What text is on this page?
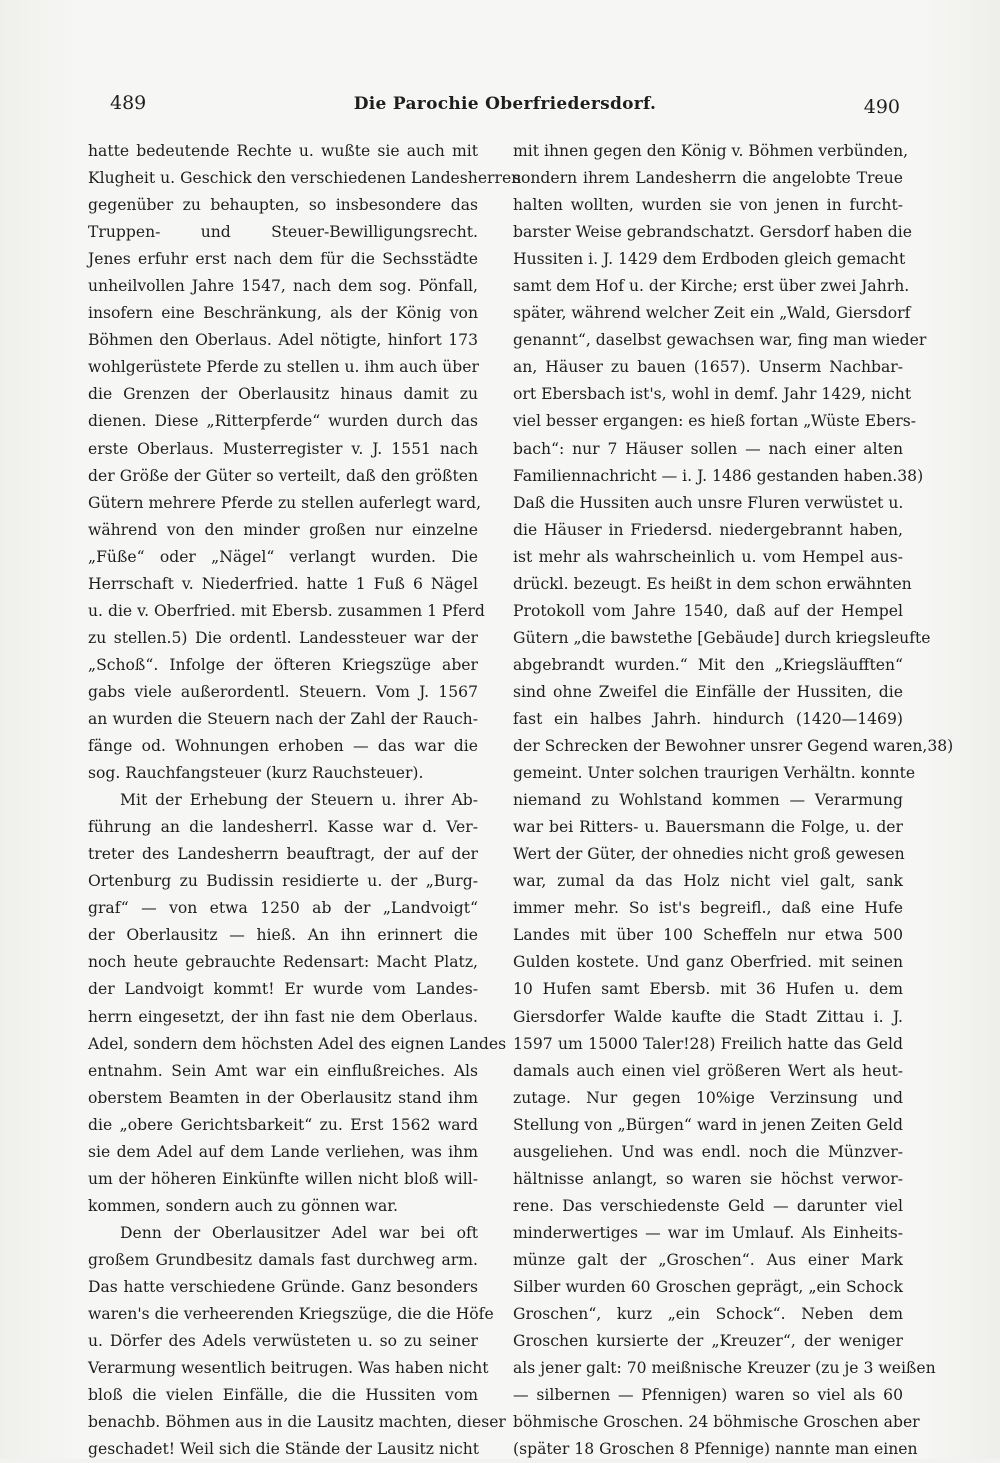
489	Die Parochie Oberfriedersdorf.	490
hatte bedeutende Rechte u. wußte sie auch mit
Klugheit u. Geschick den verschiedenen Landesherren
gegenüber zu behaupten, so insbesondere das
Truppen- und Steuer-Bewilligungsrecht.
Jenes erfuhr erst nach dem für die Sechsstädte
unheilvollen Jahre 1547, nach dem sog. Pönfall,
insofern eine Beschränkung, als der König von
Böhmen den Oberlaus. Adel nötigte, hinfort 173
wohlgerüstete Pferde zu stellen u. ihm auch über
die Grenzen der Oberlausitz hinaus damit zu
dienen. Diese „Ritterpferde“ wurden durch das
erste Oberlaus. Musterregister v. J. 1551 nach
der Größe der Güter so verteilt, daß den größten
Gütern mehrere Pferde zu stellen auferlegt ward,
während von den minder großen nur einzelne
„Füße“ oder „Nägel“ verlangt wurden. Die
Herrschaft v. Niederfried. hatte 1 Fuß 6 Nägel
u. die v. Oberfried. mit Ebersb. zusammen 1 Pferd
zu stellen.5) Die ordentl. Landessteuer war der
„Schoß“. Infolge der öfteren Kriegszüge aber
gabs viele außerordentl. Steuern. Vom J. 1567
an wurden die Steuern nach der Zahl der Rauch-
fänge od. Wohnungen erhoben — das war die
sog. Rauchfangsteuer (kurz Rauchsteuer).
Mit der Erhebung der Steuern u. ihrer Ab-
führung an die landesherrl. Kasse war d. Ver-
treter des Landesherrn beauftragt, der auf der
Ortenburg zu Budissin residierte u. der „Burg-
graf“ — von etwa 1250 ab der „Landvoigt“
der Oberlausitz — hieß. An ihn erinnert die
noch heute gebrauchte Redensart: Macht Platz,
der Landvoigt kommt! Er wurde vom Landes-
herrn eingesetzt, der ihn fast nie dem Oberlaus.
Adel, sondern dem höchsten Adel des eignen Landes
entnahm. Sein Amt war ein einflußreiches. Als
oberstem Beamten in der Oberlausitz stand ihm
die „obere Gerichtsbarkeit“ zu. Erst 1562 ward
sie dem Adel auf dem Lande verliehen, was ihm
um der höheren Einkünfte willen nicht bloß will-
kommen, sondern auch zu gönnen war.
Denn der Oberlausitzer Adel war bei oft
großem Grundbesitz damals fast durchweg arm.
Das hatte verschiedene Gründe. Ganz besonders
waren's die verheerenden Kriegszüge, die die Höfe
u. Dörfer des Adels verwüsteten u. so zu seiner
Verarmung wesentlich beitrugen. Was haben nicht
bloß die vielen Einfälle, die die Hussiten vom
benachb. Böhmen aus in die Lausitz machten, dieser
geschadet! Weil sich die Stände der Lausitz nicht
mit ihnen gegen den König v. Böhmen verbünden,
sondern ihrem Landesherrn die angelobte Treue
halten wollten, wurden sie von jenen in furcht-
barster Weise gebrandschatzt. Gersdorf haben die
Hussiten i. J. 1429 dem Erdboden gleich gemacht
samt dem Hof u. der Kirche; erst über zwei Jahrh.
später, während welcher Zeit ein „Wald, Giersdorf
genannt“, daselbst gewachsen war, fing man wieder
an, Häuser zu bauen (1657). Unserm Nachbar-
ort Ebersbach ist's, wohl in demf. Jahr 1429, nicht
viel besser ergangen: es hieß fortan „Wüste Ebers-
bach“: nur 7 Häuser sollen — nach einer alten
Familiennachricht — i. J. 1486 gestanden haben.38)
Daß die Hussiten auch unsre Fluren verwüstet u.
die Häuser in Friedersd. niedergebrannt haben,
ist mehr als wahrscheinlich u. vom Hempel aus-
drückl. bezeugt. Es heißt in dem schon erwähnten
Protokoll vom Jahre 1540, daß auf der Hempel
Gütern „die bawstethe [Gebäude] durch kriegsleufte
abgebrandt wurden.“ Mit den „Kriegsläufften“
sind ohne Zweifel die Einfälle der Hussiten, die
fast ein halbes Jahrh. hindurch (1420—1469)
der Schrecken der Bewohner unsrer Gegend waren,38)
gemeint. Unter solchen traurigen Verhältn. konnte
niemand zu Wohlstand kommen — Verarmung
war bei Ritters- u. Bauersmann die Folge, u. der
Wert der Güter, der ohnedies nicht groß gewesen
war, zumal da das Holz nicht viel galt, sank
immer mehr. So ist's begreifl., daß eine Hufe
Landes mit über 100 Scheffeln nur etwa 500
Gulden kostete. Und ganz Oberfried. mit seinen
10 Hufen samt Ebersb. mit 36 Hufen u. dem
Giersdorfer Walde kaufte die Stadt Zittau i. J.
1597 um 15000 Taler!28) Freilich hatte das Geld
damals auch einen viel größeren Wert als heut-
zutage. Nur gegen 10%ige Verzinsung und
Stellung von „Bürgen“ ward in jenen Zeiten Geld
ausgeliehen. Und was endl. noch die Münzver-
hältnisse anlangt, so waren sie höchst verwor-
rene. Das verschiedenste Geld — darunter viel
minderwertiges — war im Umlauf. Als Einheits-
münze galt der „Groschen“. Aus einer Mark
Silber wurden 60 Groschen geprägt, „ein Schock
Groschen“, kurz „ein Schock“. Neben dem
Groschen kursierte der „Kreuzer“, der weniger
als jener galt: 70 meißnische Kreuzer (zu je 3 weißen
— silbernen — Pfennigen) waren so viel als 60
böhmische Groschen. 24 böhmische Groschen aber
(später 18 Groschen 8 Pfennige) nannte man einen
